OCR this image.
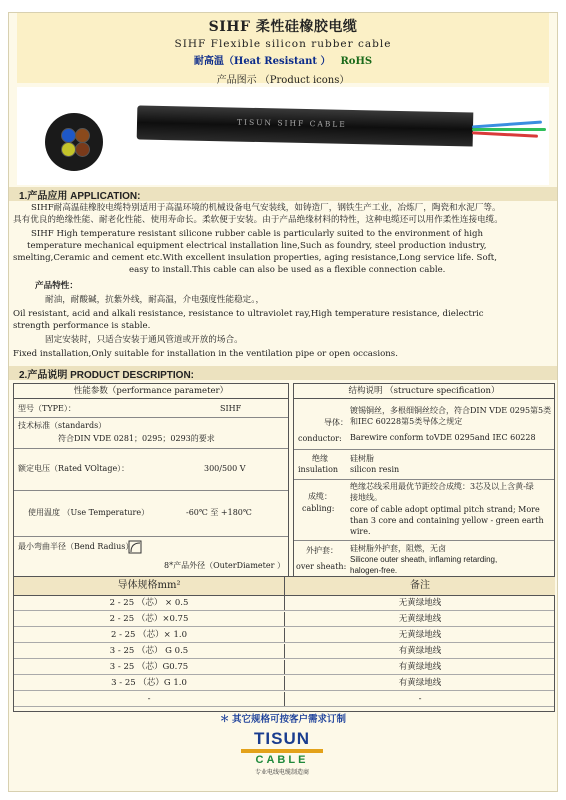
SIHF 柔性硅橡胶电缆
SIHF Flexible silicon rubber cable
耐高温（Heat Resistant ） RoHS
产品图示 （Product icons）
TISUN SIHF CABLE
1.产品应用 APPLICATION:
SIHF耐高温硅橡胶电缆特别适用于高温环境的机械设备电气安装线，如铸造厂，钢铁生产工业，冶炼厂，陶瓷和水泥厂等。
具有优良的绝缘性能、耐老化性能、使用寿命长。柔软便于安装。由于产品绝缘材料的特性，这种电缆还可以用作柔性连接电缆。
SIHF High temperature resistant silicone rubber cable is particularly suited to the environment of high
temperature mechanical equipment electrical installation line,Such as foundry, steel production industry,
smelting,Ceramic and cement etc.With excellent insulation properties, aging resistance,Long service life. Soft,
easy to install.This cable can also be used as a flexible connection cable.
产品特性：
耐油，耐酸碱，抗紫外线，耐高温，介电强度性能稳定。，
Oil resistant, acid and alkali resistance, resistance to ultraviolet ray,High temperature resistance, dielectric
strength performance is stable.
固定安装时，只适合安装于通风管道或开放的场合。
Fixed installation,Only suitable for installation in the ventilation pipe or open occasions.
2.产品说明 PRODUCT DESCRIPTION:
性能参数（performance parameter）
型号（TYPE）：	SIHF
技术标准（standards）
符合DIN VDE 0281；0295；0293的要求
额定电压（Rated VOltage）：	300/500 V
使用温度 （Use Temperature）	-60℃ 至 +180℃
最小弯曲半径（Bend Radius）
8*产品外径（OuterDiameter ）
结构说明 （structure specification）
导体：
conductor:
镀锡铜丝，多根细铜丝绞合，符合DIN VDE 0295第5类
和IEC 60228第5类导体之规定
Barewire conform toVDE 0295and IEC 60228
绝缘
insulation
硅树脂
silicon resin
成缆：
cabling:
绝缘芯线采用最优节距绞合成缆：3芯及以上含黄-绿
接地线。
core of cable adopt optimal pitch strand; More
than 3 core and containing yellow - green earth
wire.
外护套：
over sheath:
硅树脂外护套，阻燃，无卤
Silicone outer sheath, inflaming retarding,
halogen-free.
导体规格mm²	备注
2 - 25 （芯） × 0.5	无黄绿地线
2 - 25 （芯）×0.75	无黄绿地线
2 - 25 （芯）× 1.0	无黄绿地线
3 - 25 （芯） G 0.5	有黄绿地线
3 - 25 （芯）G0.75	有黄绿地线
3 - 25 （芯）G 1.0	有黄绿地线
-	-
＊ 其它规格可按客户需求订制
TISUN
CABLE
专业电线电缆制造商
